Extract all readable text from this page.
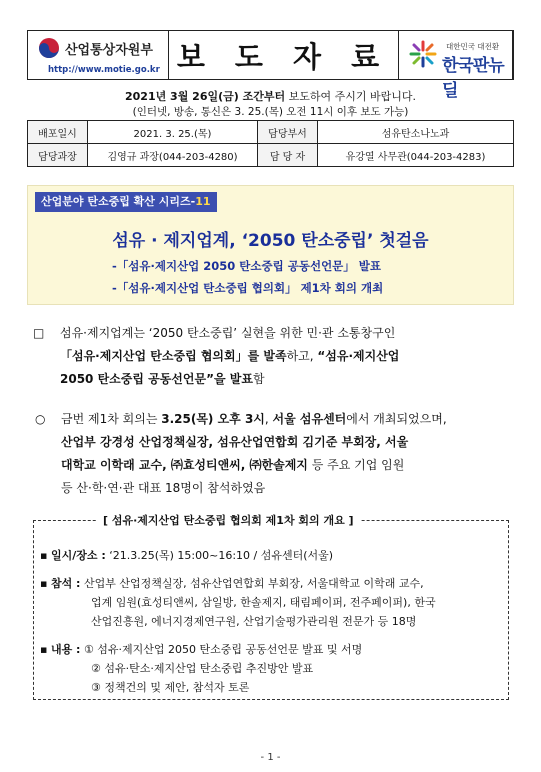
산업통상자원부
http://www.motie.go.kr 보 도 자 료	대한민국 대전환
한국판뉴딜
2021년 3월 26일(금) 조간부터 보도하여 주시기 바랍니다.
(인터넷, 방송, 통신은 3. 25.(목) 오전 11시 이후 보도 가능)
배포일시	2021. 3. 25.(목)	담당부서	섬유탄소나노과
담당과장	김영규 과장(044-203-4280)	담 당 자	유강열 사무관(044-203-4283)
산업분야 탄소중립 확산 시리즈-11
섬유 · 제지업계, ‘2050 탄소중립’ 첫걸음
-「섬유·제지산업 2050 탄소중립 공동선언문」 발표
-「섬유·제지산업 탄소중립 협의회」 제1차 회의 개최
□	섬유·제지업계는 ‘2050 탄소중립’ 실현을 위한 민·관 소통창구인
「섬유·제지산업 탄소중립 협의회」를 발족하고, “섬유·제지산업
2050 탄소중립 공동선언문”을 발표함
○	금번 제1차 회의는 3.25(목) 오후 3시, 서울 섬유센터에서 개최되었으며,
산업부 강경성 산업정책실장, 섬유산업연합회 김기준 부회장, 서울
대학교 이학래 교수, ㈜효성티앤씨, ㈜한솔제지 등 주요 기업 임원
등 산·학·연·관 대표 18명이 참석하였음
[ 섬유·제지산업 탄소중립 협의회 제1차 회의 개요 ]
▪ 일시/장소 : ‘21.3.25(목) 15:00~16:10 / 섬유센터(서울)
▪ 참석 : 산업부 산업정책실장, 섬유산업연합회 부회장, 서울대학교 이학래 교수,
업계 임원(효성티앤씨, 삼일방, 한솔제지, 태림페이퍼, 전주페이퍼), 한국
산업진흥원, 에너지경제연구원, 산업기술평가관리원 전문가 등 18명
▪ 내용 : ① 섬유·제지산업 2050 탄소중립 공동선언문 발표 및 서명
② 섬유·탄소·제지산업 탄소중립 추진방안 발표
③ 정책건의 및 제안, 참석자 토론
- 1 -
